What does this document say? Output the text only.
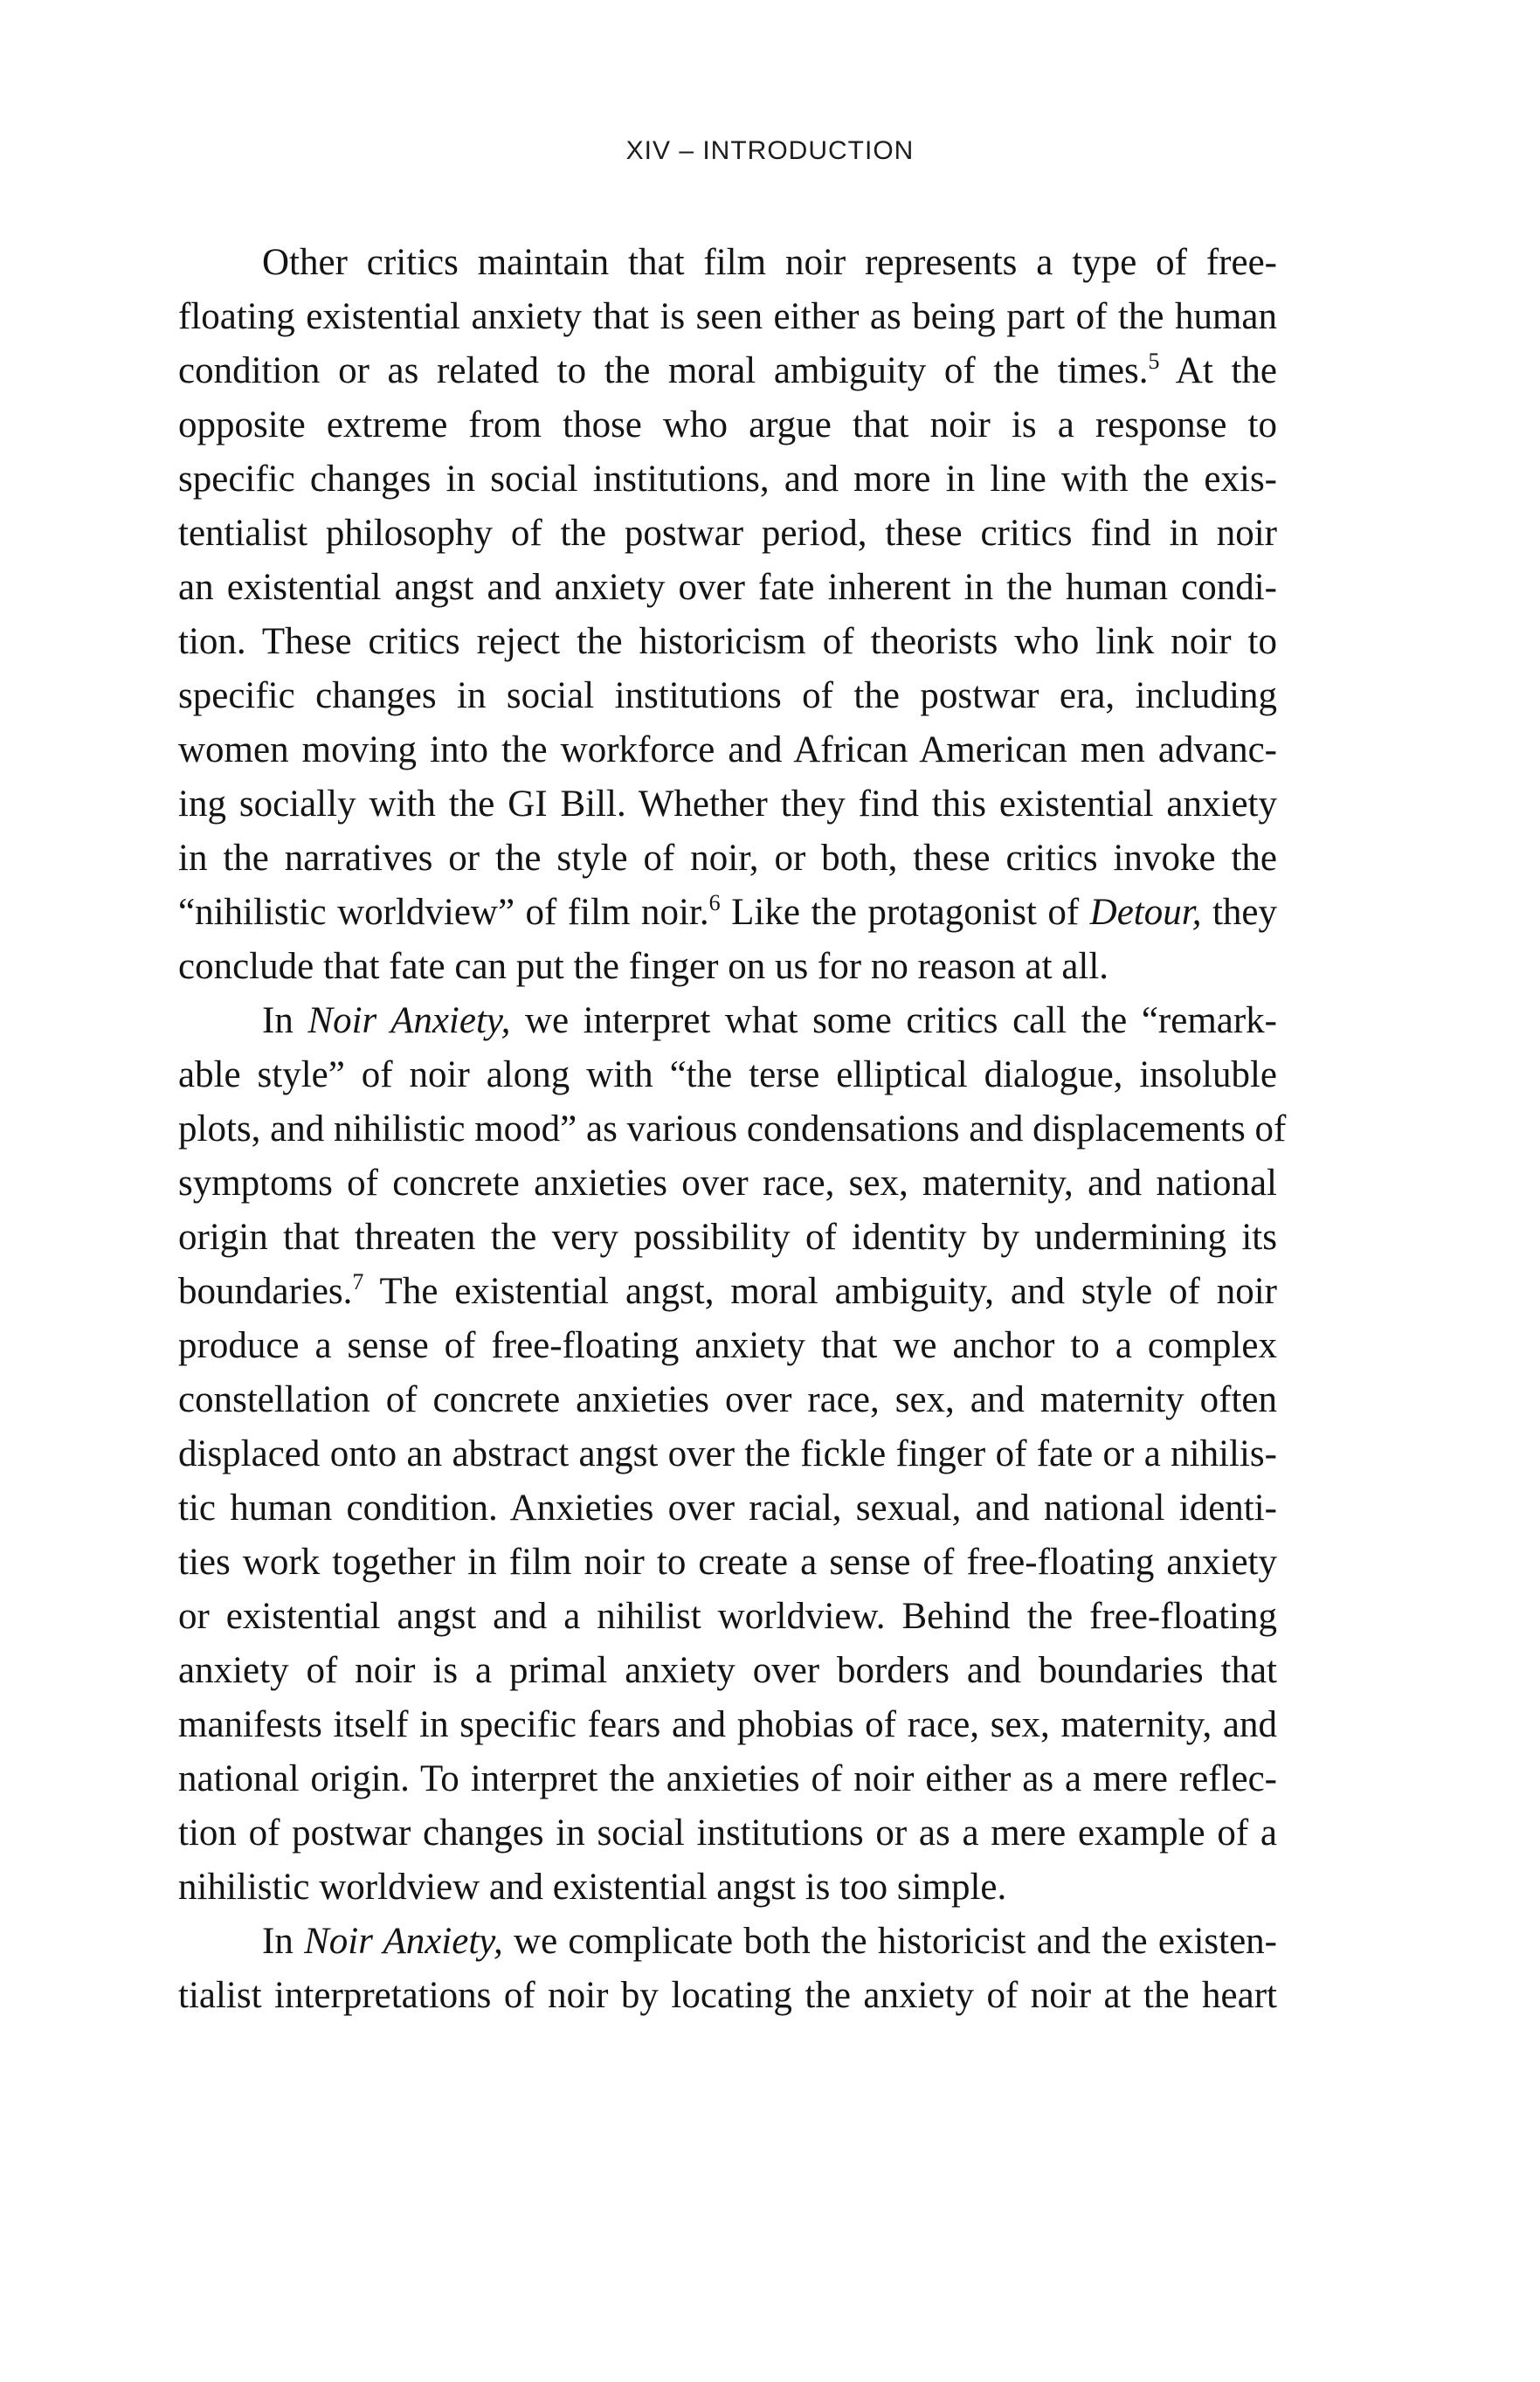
XIV – INTRODUCTION

Other critics maintain that film noir represents a type of free-
floating existential anxiety that is seen either as being part of the human
condition or as related to the moral ambiguity of the times.$^5$ At the
opposite extreme from those who argue that noir is a response to
specific changes in social institutions, and more in line with the exis-
tentialist philosophy of the postwar period, these critics find in noir
an existential angst and anxiety over fate inherent in the human condi-
tion. These critics reject the historicism of theorists who link noir to
specific changes in social institutions of the postwar era, including
women moving into the workforce and African American men advanc-
ing socially with the GI Bill. Whether they find this existential anxiety
in the narratives or the style of noir, or both, these critics invoke the
“nihilistic worldview” of film noir.$^6$ Like the protagonist of Detour, they
conclude that fate can put the finger on us for no reason at all.

In Noir Anxiety, we interpret what some critics call the “remark-
able style” of noir along with “the terse elliptical dialogue, insoluble
plots, and nihilistic mood” as various condensations and displacements of
symptoms of concrete anxieties over race, sex, maternity, and national
origin that threaten the very possibility of identity by undermining its
boundaries.$^7$ The existential angst, moral ambiguity, and style of noir
produce a sense of free-floating anxiety that we anchor to a complex
constellation of concrete anxieties over race, sex, and maternity often
displaced onto an abstract angst over the fickle finger of fate or a nihilis-
tic human condition. Anxieties over racial, sexual, and national identi-
ties work together in film noir to create a sense of free-floating anxiety
or existential angst and a nihilist worldview. Behind the free-floating
anxiety of noir is a primal anxiety over borders and boundaries that
manifests itself in specific fears and phobias of race, sex, maternity, and
national origin. To interpret the anxieties of noir either as a mere reflec-
tion of postwar changes in social institutions or as a mere example of a
nihilistic worldview and existential angst is too simple.

In Noir Anxiety, we complicate both the historicist and the existen-
tialist interpretations of noir by locating the anxiety of noir at the heart
